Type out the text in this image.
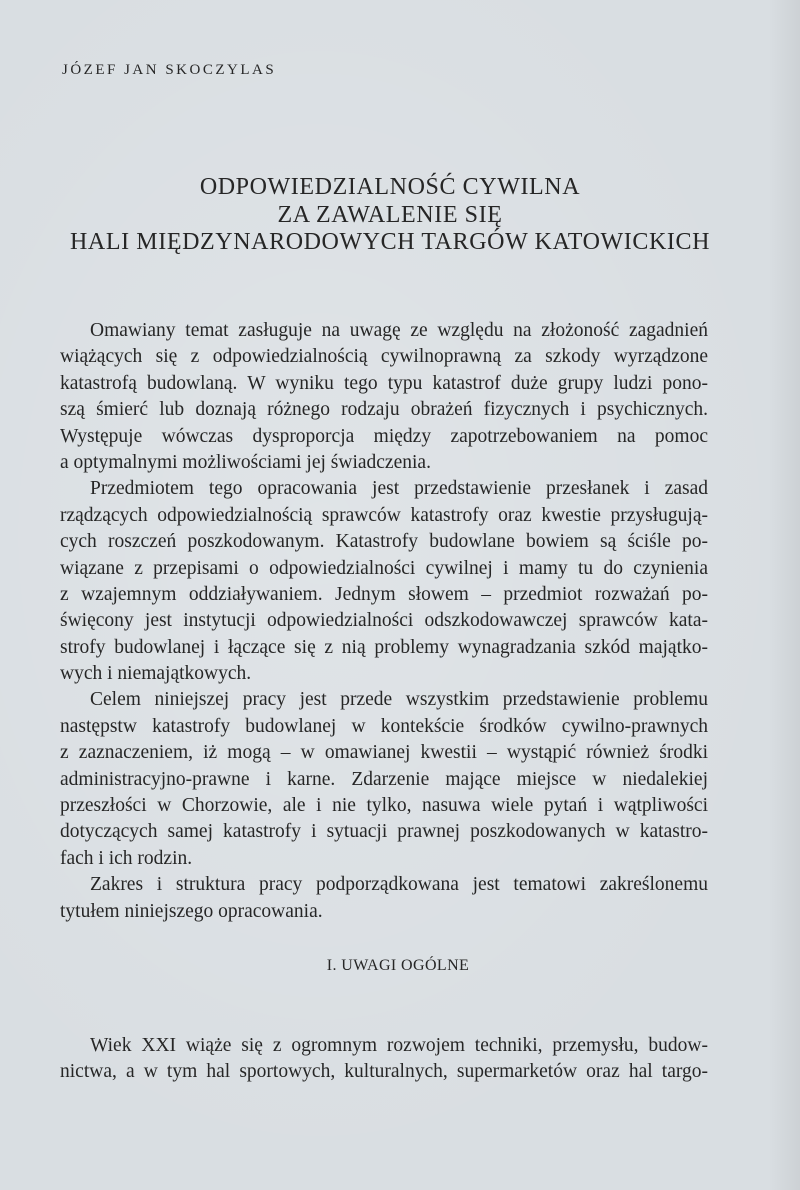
JÓZEF JAN SKOCZYLAS
ODPOWIEDZIALNOŚĆ CYWILNA
ZA ZAWALENIE SIĘ
HALI MIĘDZYNARODOWYCH TARGÓW KATOWICKICH
Omawiany temat zasługuje na uwagę ze względu na złożoność zagadnień
wiążących się z odpowiedzialnością cywilnoprawną za szkody wyrządzone
katastrofą budowlaną. W wyniku tego typu katastrof duże grupy ludzi pono-
szą śmierć lub doznają różnego rodzaju obrażeń fizycznych i psychicznych.
Występuje wówczas dysproporcja między zapotrzebowaniem na pomoc
a optymalnymi możliwościami jej świadczenia.
Przedmiotem tego opracowania jest przedstawienie przesłanek i zasad
rządzących odpowiedzialnością sprawców katastrofy oraz kwestie przysługują-
cych roszczeń poszkodowanym. Katastrofy budowlane bowiem są ściśle po-
wiązane z przepisami o odpowiedzialności cywilnej i mamy tu do czynienia
z wzajemnym oddziaływaniem. Jednym słowem – przedmiot rozważań po-
święcony jest instytucji odpowiedzialności odszkodowawczej sprawców kata-
strofy budowlanej i łączące się z nią problemy wynagradzania szkód majątko-
wych i niemajątkowych.
Celem niniejszej pracy jest przede wszystkim przedstawienie problemu
następstw katastrofy budowlanej w kontekście środków cywilno-prawnych
z zaznaczeniem, iż mogą – w omawianej kwestii – wystąpić również środki
administracyjno-prawne i karne. Zdarzenie mające miejsce w niedalekiej
przeszłości w Chorzowie, ale i nie tylko, nasuwa wiele pytań i wątpliwości
dotyczących samej katastrofy i sytuacji prawnej poszkodowanych w katastro-
fach i ich rodzin.
Zakres i struktura pracy podporządkowana jest tematowi zakreślonemu
tytułem niniejszego opracowania.
I. UWAGI OGÓLNE
Wiek XXI wiąże się z ogromnym rozwojem techniki, przemysłu, budow-
nictwa, a w tym hal sportowych, kulturalnych, supermarketów oraz hal targo-
